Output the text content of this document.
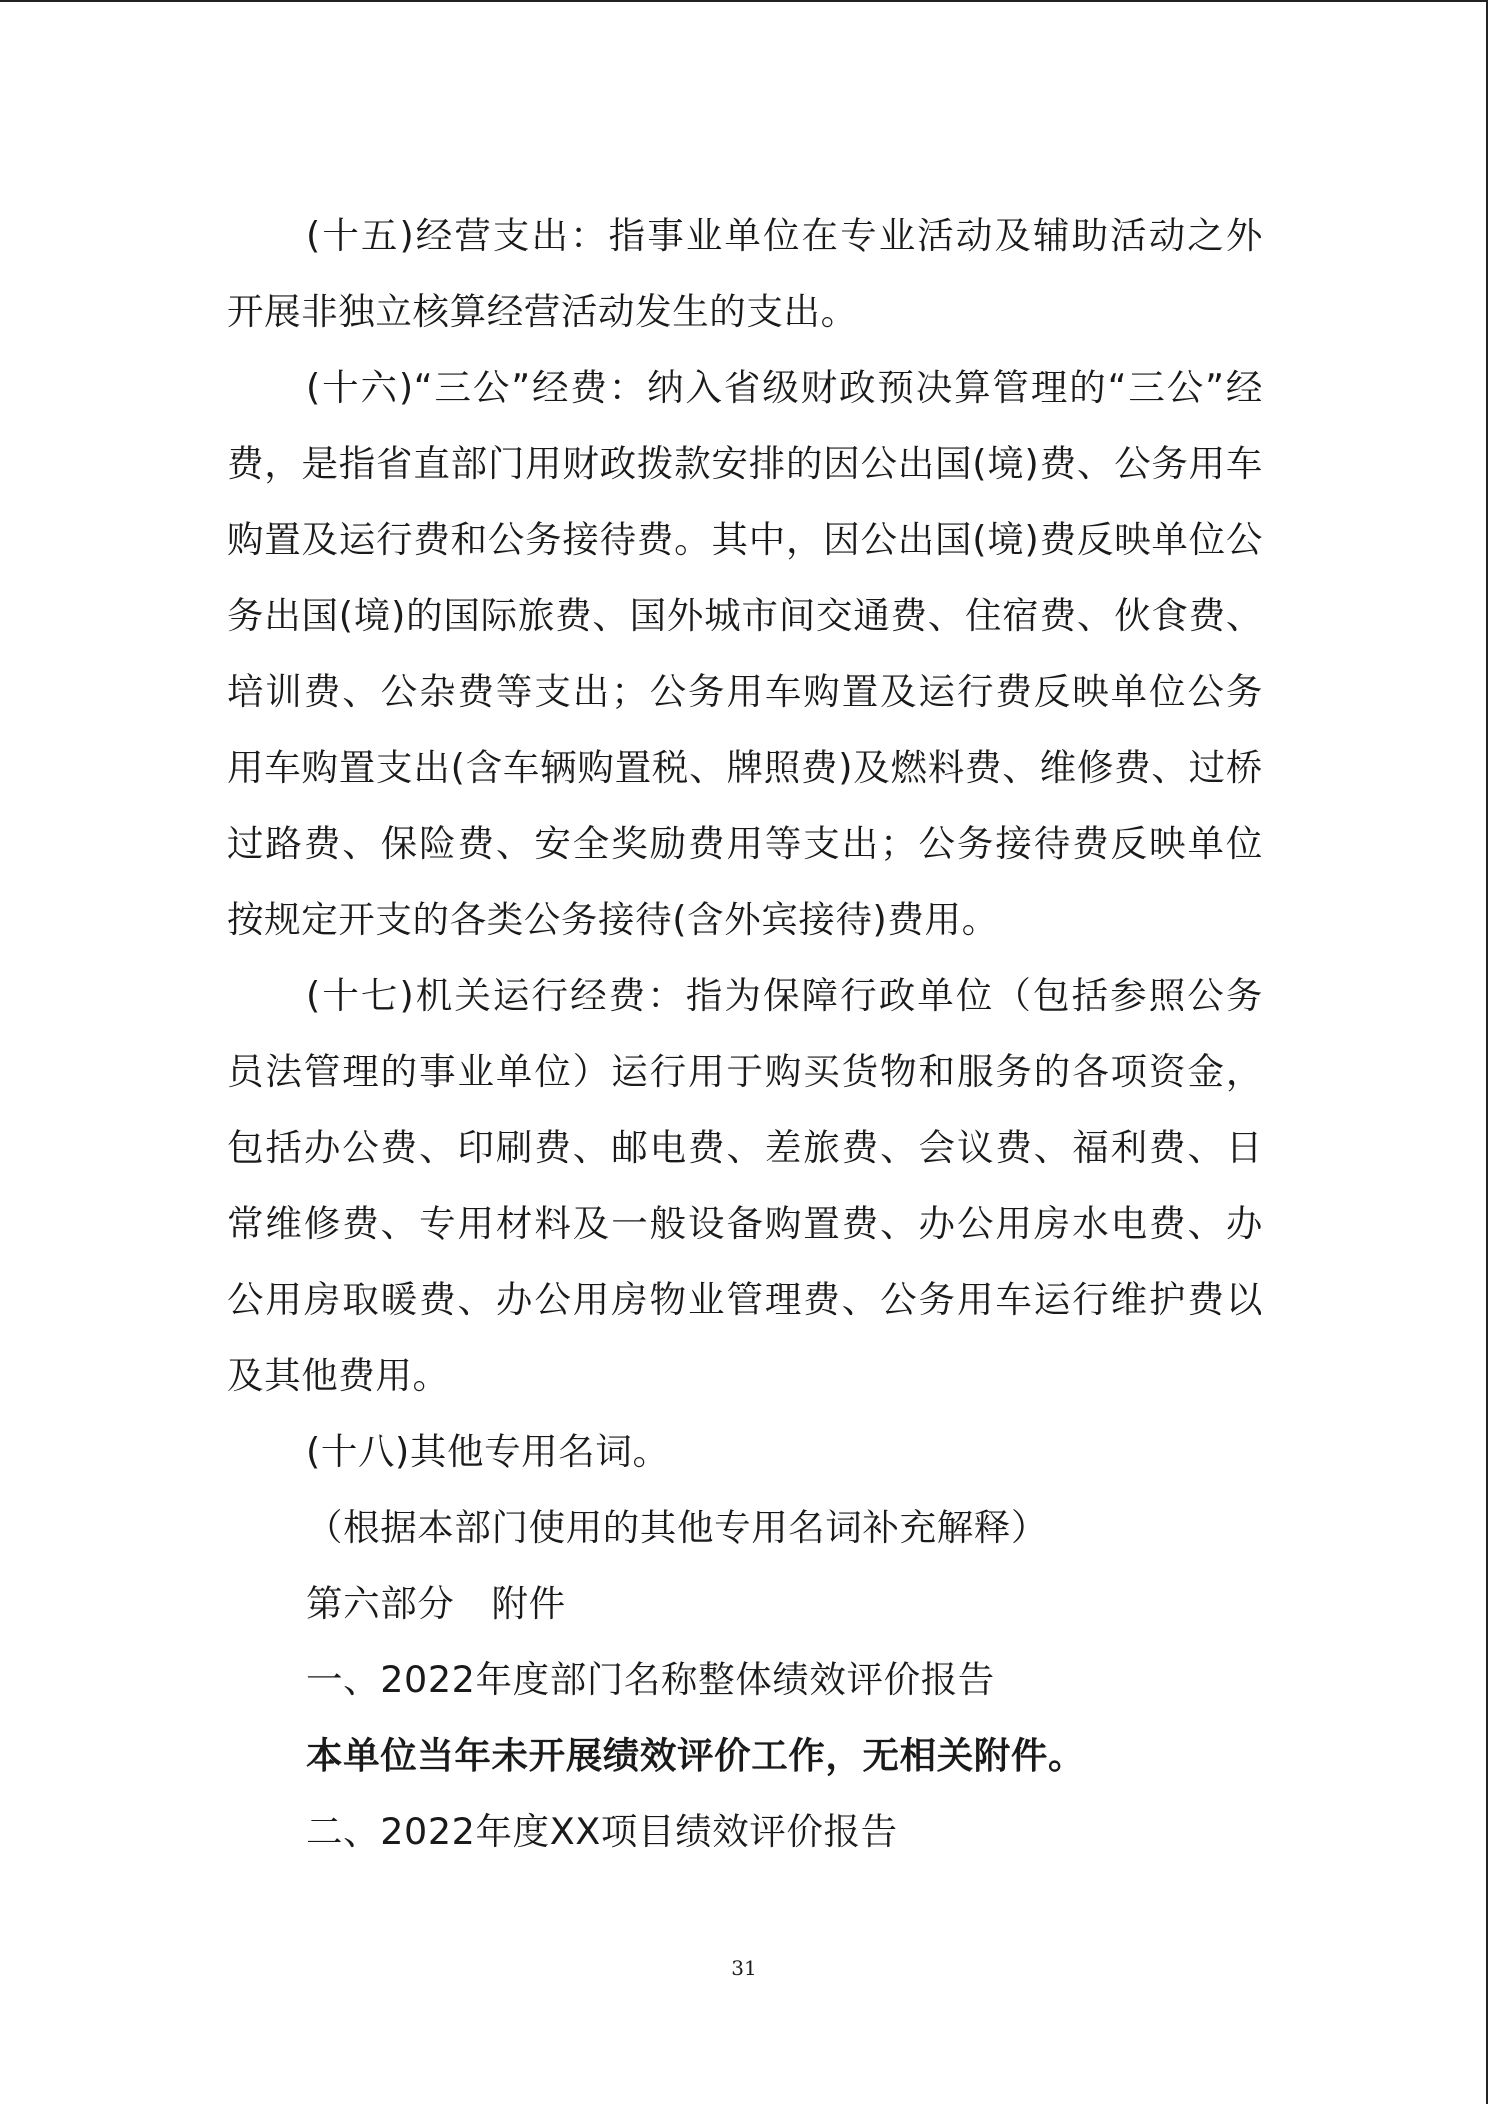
(十五)经营支出：指事业单位在专业活动及辅助活动之外开展非独立核算经营活动发生的支出。

(十六)“三公”经费：纳入省级财政预决算管理的“三公”经费，是指省直部门用财政拨款安排的因公出国(境)费、公务用车购置及运行费和公务接待费。其中，因公出国(境)费反映单位公务出国(境)的国际旅费、国外城市间交通费、住宿费、伙食费、培训费、公杂费等支出；公务用车购置及运行费反映单位公务用车购置支出(含车辆购置税、牌照费)及燃料费、维修费、过桥过路费、保险费、安全奖励费用等支出；公务接待费反映单位按规定开支的各类公务接待(含外宾接待)费用。

(十七)机关运行经费：指为保障行政单位（包括参照公务员法管理的事业单位）运行用于购买货物和服务的各项资金，包括办公费、印刷费、邮电费、差旅费、会议费、福利费、日常维修费、专用材料及一般设备购置费、办公用房水电费、办公用房取暖费、办公用房物业管理费、公务用车运行维护费以及其他费用。

(十八)其他专用名词。

（根据本部门使用的其他专用名词补充解释）

第六部分　附件

一、2022年度部门名称整体绩效评价报告

本单位当年未开展绩效评价工作，无相关附件。

二、2022年度XX项目绩效评价报告

31
